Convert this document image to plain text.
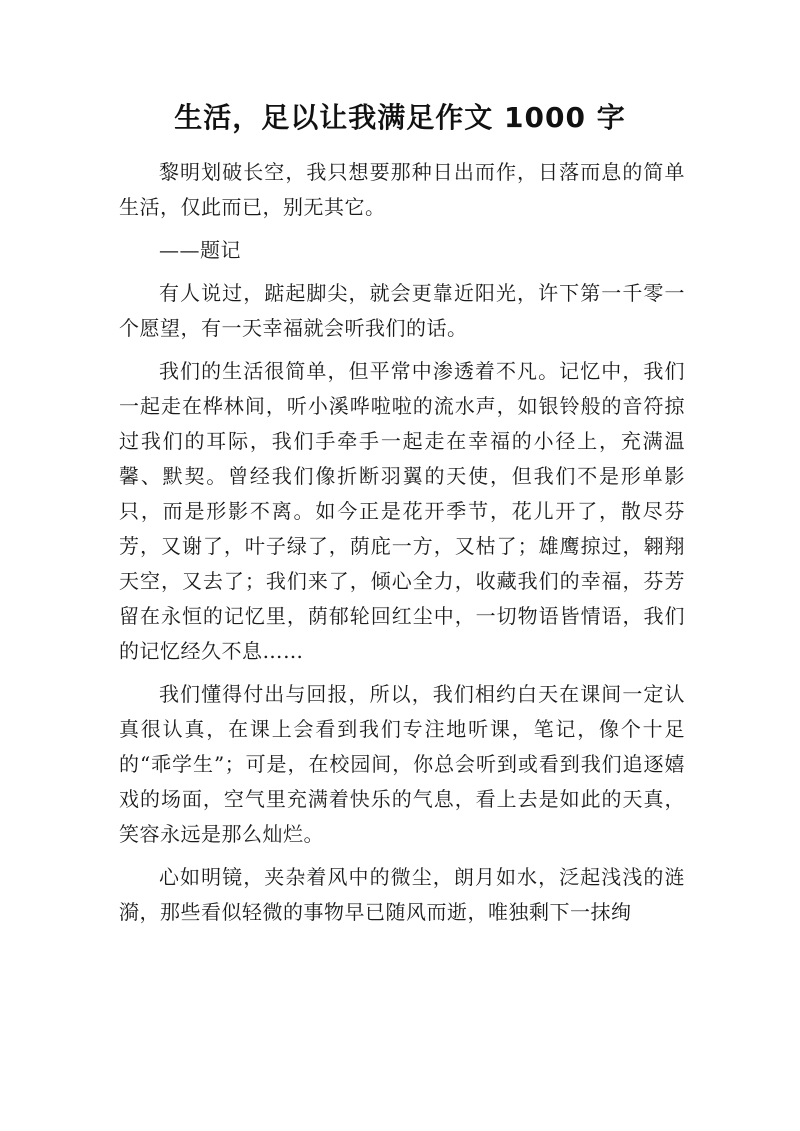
生活，足以让我满足作文 1000 字

黎明划破长空，我只想要那种日出而作，日落而息的简单生活，仅此而已，别无其它。

——题记

有人说过，踮起脚尖，就会更靠近阳光，许下第一千零一个愿望，有一天幸福就会听我们的话。

我们的生活很简单，但平常中渗透着不凡。记忆中，我们一起走在桦林间，听小溪哗啦啦的流水声，如银铃般的音符掠过我们的耳际，我们手牵手一起走在幸福的小径上，充满温馨、默契。曾经我们像折断羽翼的天使，但我们不是形单影只，而是形影不离。如今正是花开季节，花儿开了，散尽芬芳，又谢了，叶子绿了，荫庇一方，又枯了；雄鹰掠过，翱翔天空，又去了；我们来了，倾心全力，收藏我们的幸福，芬芳留在永恒的记忆里，荫郁轮回红尘中，一切物语皆情语，我们的记忆经久不息……

我们懂得付出与回报，所以，我们相约白天在课间一定认真很认真，在课上会看到我们专注地听课，笔记，像个十足的“乖学生”；可是，在校园间，你总会听到或看到我们追逐嬉戏的场面，空气里充满着快乐的气息，看上去是如此的天真，笑容永远是那么灿烂。

心如明镜，夹杂着风中的微尘，朗月如水，泛起浅浅的涟漪，那些看似轻微的事物早已随风而逝，唯独剩下一抹绚
